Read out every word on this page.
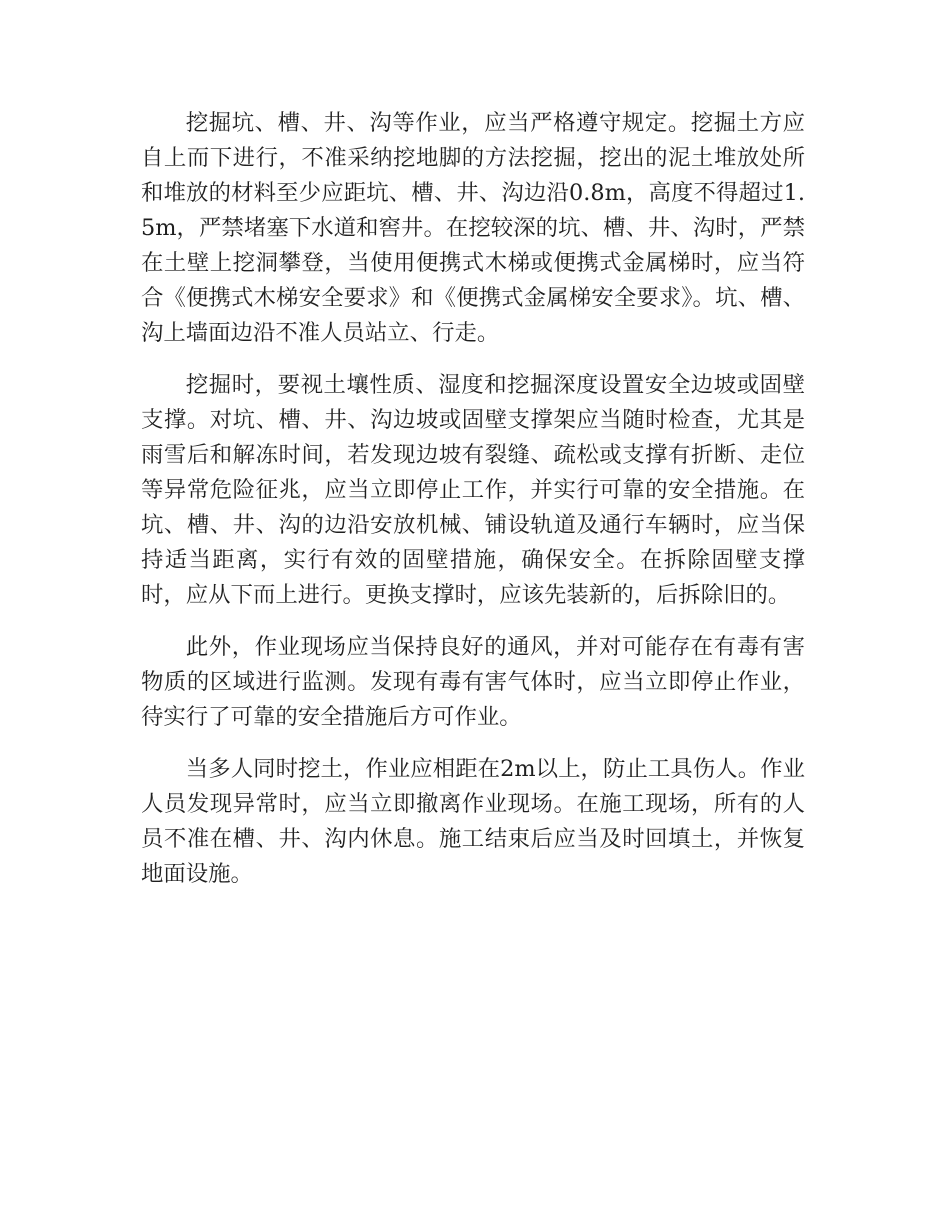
挖掘坑、槽、井、沟等作业，应当严格遵守规定。挖掘土方应自上而下进行，不准采纳挖地脚的方法挖掘，挖出的泥土堆放处所和堆放的材料至少应距坑、槽、井、沟边沿0.8m，高度不得超过1.5m，严禁堵塞下水道和窖井。在挖较深的坑、槽、井、沟时，严禁在土壁上挖洞攀登，当使用便携式木梯或便携式金属梯时，应当符合《便携式木梯安全要求》和《便携式金属梯安全要求》。坑、槽、沟上墙面边沿不准人员站立、行走。

挖掘时，要视土壤性质、湿度和挖掘深度设置安全边坡或固壁支撑。对坑、槽、井、沟边坡或固壁支撑架应当随时检查，尤其是雨雪后和解冻时间，若发现边坡有裂缝、疏松或支撑有折断、走位等异常危险征兆，应当立即停止工作，并实行可靠的安全措施。在坑、槽、井、沟的边沿安放机械、铺设轨道及通行车辆时，应当保持适当距离，实行有效的固壁措施，确保安全。在拆除固壁支撑时，应从下而上进行。更换支撑时，应该先装新的，后拆除旧的。

此外，作业现场应当保持良好的通风，并对可能存在有毒有害物质的区域进行监测。发现有毒有害气体时，应当立即停止作业，待实行了可靠的安全措施后方可作业。

当多人同时挖土，作业应相距在2m以上，防止工具伤人。作业人员发现异常时，应当立即撤离作业现场。在施工现场，所有的人员不准在槽、井、沟内休息。施工结束后应当及时回填土，并恢复地面设施。
